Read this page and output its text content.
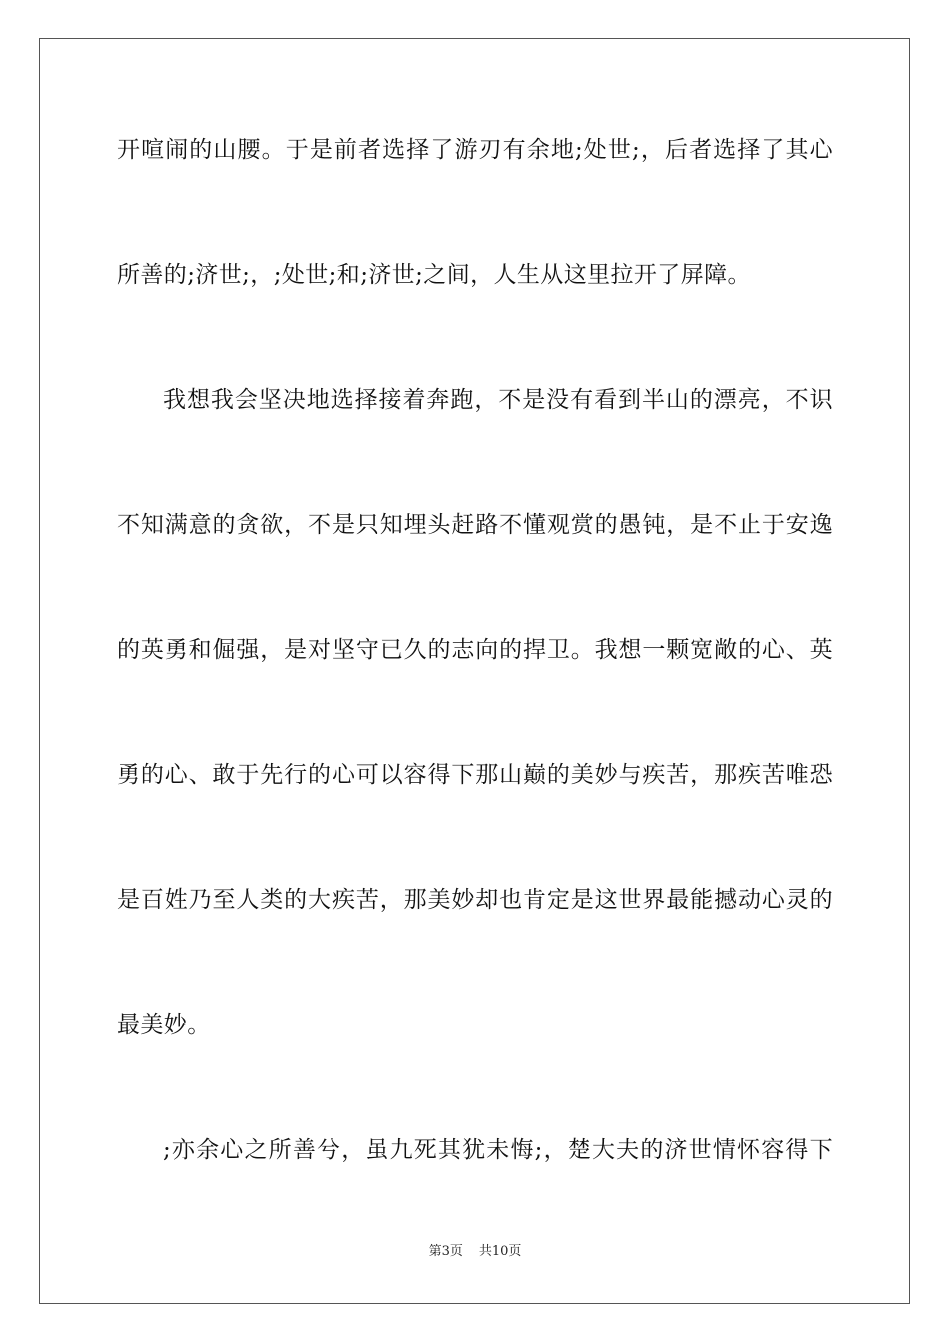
开喧闹的山腰。于是前者选择了游刃有余地;处世;，后者选择了其心
所善的;济世;，;处世;和;济世;之间，人生从这里拉开了屏障。
我想我会坚决地选择接着奔跑，不是没有看到半山的漂亮，不识
不知满意的贪欲，不是只知埋头赶路不懂观赏的愚钝，是不止于安逸
的英勇和倔强，是对坚守已久的志向的捍卫。我想一颗宽敞的心、英
勇的心、敢于先行的心可以容得下那山巅的美妙与疾苦，那疾苦唯恐
是百姓乃至人类的大疾苦，那美妙却也肯定是这世界最能撼动心灵的
最美妙。
;亦余心之所善兮，虽九死其犹未悔;，楚大夫的济世情怀容得下
第3页 共10页
